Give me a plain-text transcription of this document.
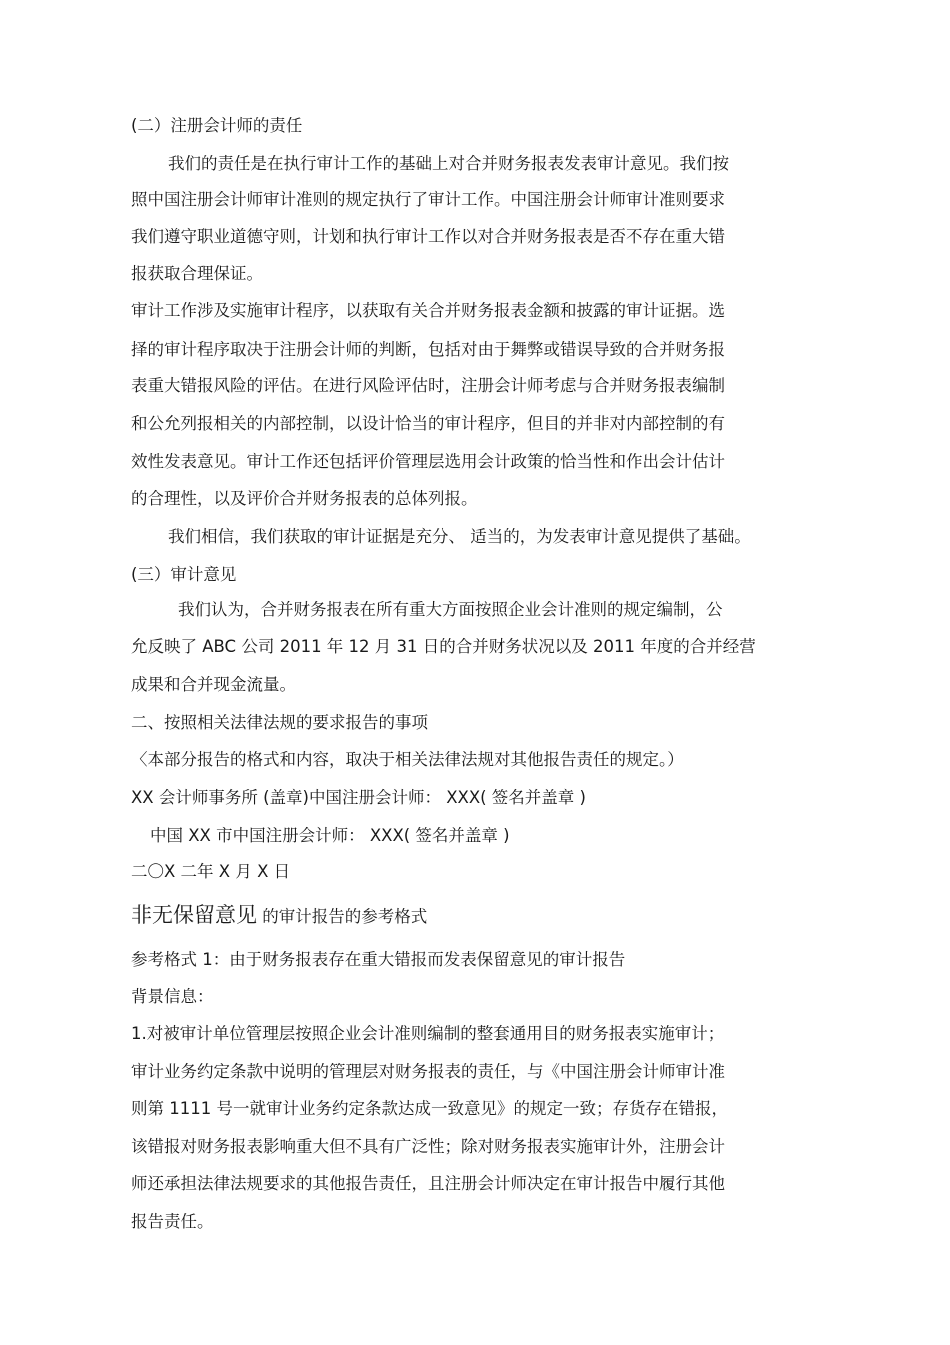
(二）注册会计师的责任
我们的责任是在执行审计工作的基础上对合并财务报表发表审计意见。我们按
照中国注册会计师审计准则的规定执行了审计工作。中国注册会计师审计准则要求
我们遵守职业道德守则，计划和执行审计工作以对合并财务报表是否不存在重大错
报获取合理保证。
审计工作涉及实施审计程序，以获取有关合并财务报表金额和披露的审计证据。选
择的审计程序取决于注册会计师的判断，包括对由于舞弊或错误导致的合并财务报
表重大错报风险的评估。在进行风险评估时，注册会计师考虑与合并财务报表编制
和公允列报相关的内部控制，以设计恰当的审计程序，但目的并非对内部控制的有
效性发表意见。审计工作还包括评价管理层选用会计政策的恰当性和作出会计估计
的合理性，以及评价合并财务报表的总体列报。
我们相信，我们获取的审计证据是充分、 适当的，为发表审计意见提供了基础。
(三）审计意见
我们认为，合并财务报表在所有重大方面按照企业会计准则的规定编制，公
允反映了 ABC 公司 2011 年 12 月 31 日的合并财务状况以及 2011 年度的合并经营
成果和合并现金流量。
二、按照相关法律法规的要求报告的事项
〈本部分报告的格式和内容，取决于相关法律法规对其他报告责任的规定。）
XX 会计师事务所 (盖章)中国注册会计师： XXX( 签名并盖章 )
中国 XX 市中国注册会计师： XXX( 签名并盖章 )
二〇X 二年 X 月 X 日
非无保留意见 的审计报告的参考格式
参考格式 1：由于财务报表存在重大错报而发表保留意见的审计报告
背景信息：
1.对被审计单位管理层按照企业会计准则编制的整套通用目的财务报表实施审计；
审计业务约定条款中说明的管理层对财务报表的责任，与《中国注册会计师审计准
则第 1111 号一就审计业务约定条款达成一致意见》的规定一致；存货存在错报，
该错报对财务报表影响重大但不具有广泛性；除对财务报表实施审计外，注册会计
师还承担法律法规要求的其他报告责任，且注册会计师决定在审计报告中履行其他
报告责任。
